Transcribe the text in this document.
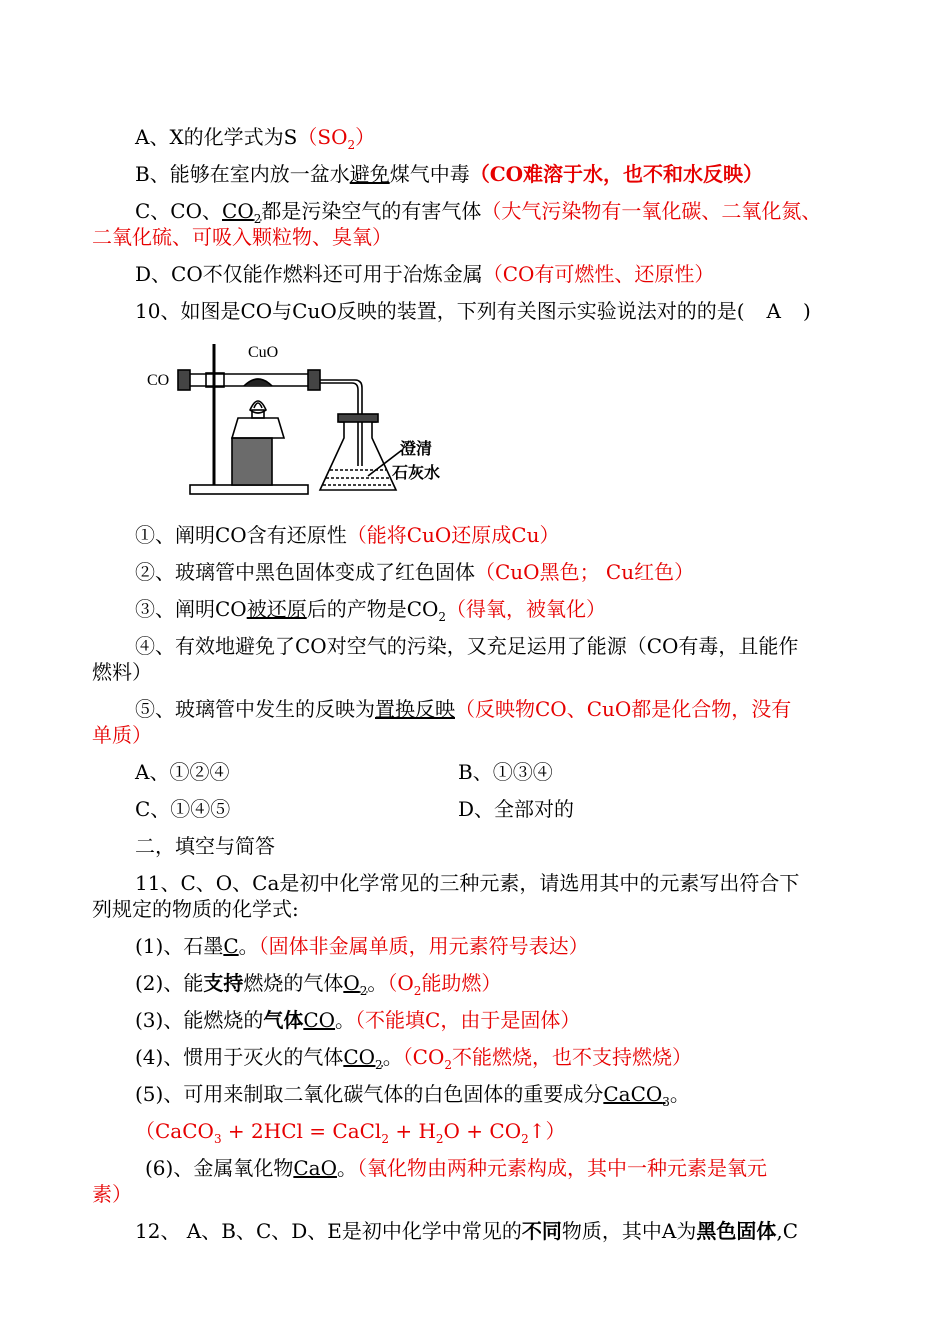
A、X的化学式为$S(SO_2)$
B、能够在室内放一盆水避免煤气中毒（CO难溶于水，也不和水反映）
C、CO、$CO_2$都是污染空气的有害气体（大气污染物有一氧化碳、二氧化氮、
二氧化硫、可吸入颗粒物、臭氧）
D、CO不仅能作燃料还可用于冶炼金属（CO有可燃性、还原性）
10、如图是CO与CuO反映的装置，下列有关图示实验说法对的的是( A )
CO
CuO
澄清
石灰水
①、阐明CO含有还原性（能将CuO还原成Cu）
②、玻璃管中黑色固体变成了红色固体（CuO黑色； Cu红色）
③、阐明CO被还原后的产物是$CO_2$（得氧，被氧化）
④、有效地避免了CO对空气的污染，又充足运用了能源（CO有毒，且能作
燃料）
⑤、玻璃管中发生的反映为置换反映（反映物CO、CuO都是化合物，没有
单质）
A、①②④	B、①③④
C、①④⑤	D、全部对的
二，填空与简答
11、C、O、Ca是初中化学常见的三种元素，请选用其中的元素写出符合下
列规定的物质的化学式:
(1)、石墨C。（固体非金属单质，用元素符号表达）
(2)、能支持燃烧的气体$O_2$。（$O_2$能助燃）
(3)、能燃烧的气体CO。（不能填C，由于是固体）
(4)、惯用于灭火的气体$CO_2$。（$CO_2$不能燃烧，也不支持燃烧）
(5)、可用来制取二氧化碳气体的白色固体的重要成分CaCO$_3$。
（CaCO$_3$ + 2HCl = CaCl$_2$ + $H_2O$ + $CO_2↑$）
(6)、金属氧化物CaO。（氧化物由两种元素构成，其中一种元素是氧元
素）
12、 A、B、C、D、E是初中化学中常见的不同物质，其中A为黑色固体,C
